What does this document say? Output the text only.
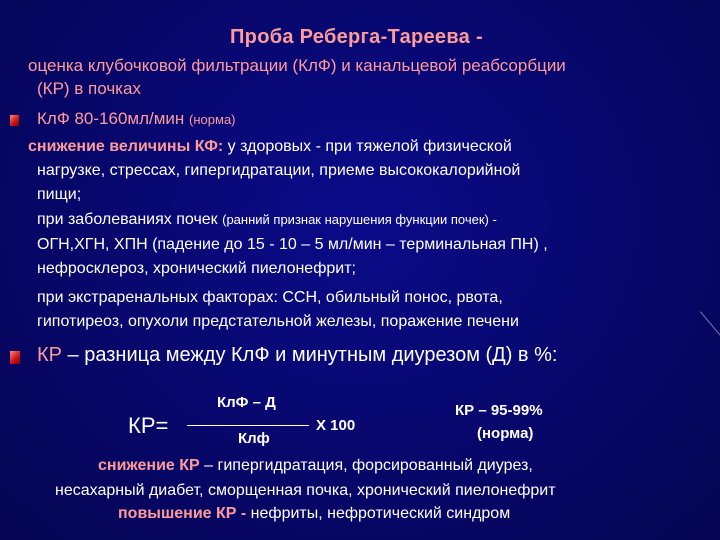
Проба Реберга-Тареева -
оценка клубочковой фильтрации (КлФ) и канальцевой реабсорбции
(КР) в почках
КлФ 80-160мл/мин (норма)
снижение величины КФ: у здоровых - при тяжелой физической
нагрузке, стрессах, гипергидратации, приеме высококалорийной
пищи;
при заболеваниях почек (ранний признак нарушения функции почек) -
ОГН,ХГН, ХПН (падение до 15 - 10 – 5 мл/мин – терминальная ПН) ,
нефросклероз, хронический пиелонефрит;
при экстраренальных факторах: ССН, обильный понос, рвота,
гипотиреоз, опухоли предстательной железы, поражение печени
КР – разница между КлФ и минутным диурезом (Д) в %:
КР=
КлФ – Д
Клф
Х 100
КР – 95-99%
(норма)
снижение КР – гипергидратация, форсированный диурез,
несахарный диабет, сморщенная почка, хронический пиелонефрит
повышение КР - нефриты, нефротический синдром
